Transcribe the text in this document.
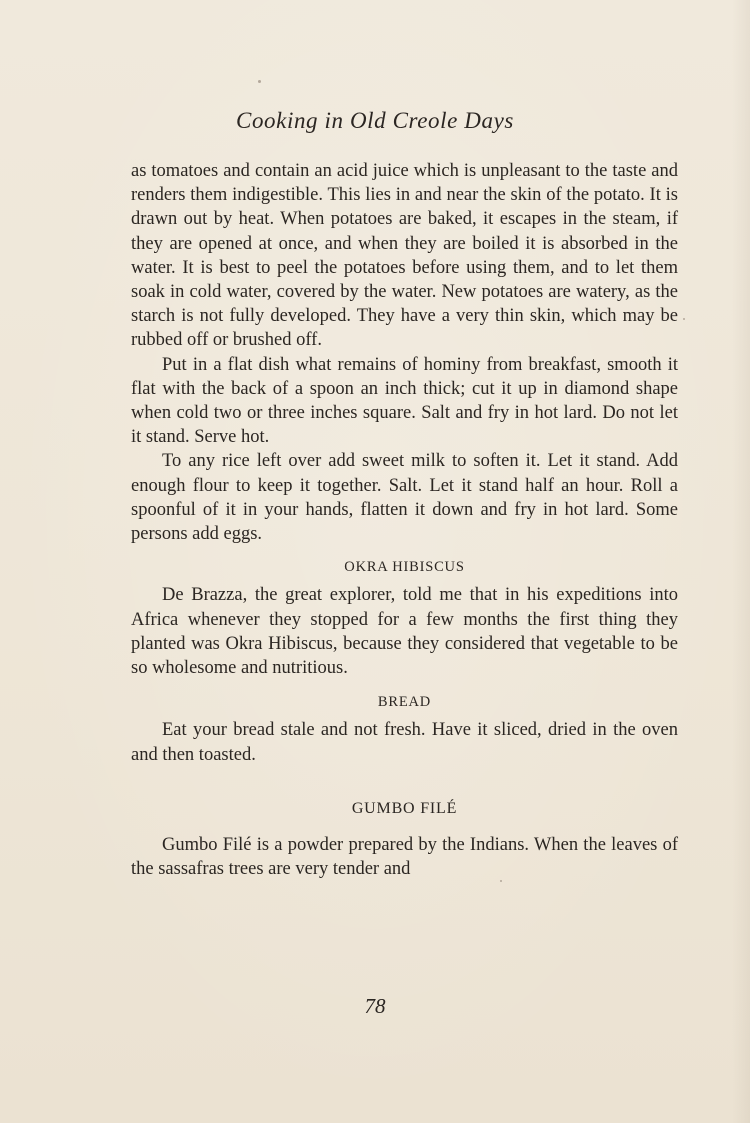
Cooking in Old Creole Days

as tomatoes and contain an acid juice which is unpleasant to the taste and renders them indigestible. This lies in and near the skin of the potato. It is drawn out by heat. When potatoes are baked, it escapes in the steam, if they are opened at once, and when they are boiled it is absorbed in the water. It is best to peel the potatoes before using them, and to let them soak in cold water, covered by the water. New potatoes are watery, as the starch is not fully developed. They have a very thin skin, which may be rubbed off or brushed off.

Put in a flat dish what remains of hominy from breakfast, smooth it flat with the back of a spoon an inch thick; cut it up in diamond shape when cold two or three inches square. Salt and fry in hot lard. Do not let it stand. Serve hot.

To any rice left over add sweet milk to soften it. Let it stand. Add enough flour to keep it together. Salt. Let it stand half an hour. Roll a spoonful of it in your hands, flatten it down and fry in hot lard. Some persons add eggs.

OKRA HIBISCUS

De Brazza, the great explorer, told me that in his expeditions into Africa whenever they stopped for a few months the first thing they planted was Okra Hibiscus, because they considered that vegetable to be so wholesome and nutritious.

BREAD

Eat your bread stale and not fresh. Have it sliced, dried in the oven and then toasted.

GUMBO FILÉ

Gumbo Filé is a powder prepared by the Indians. When the leaves of the sassafras trees are very tender and

78
